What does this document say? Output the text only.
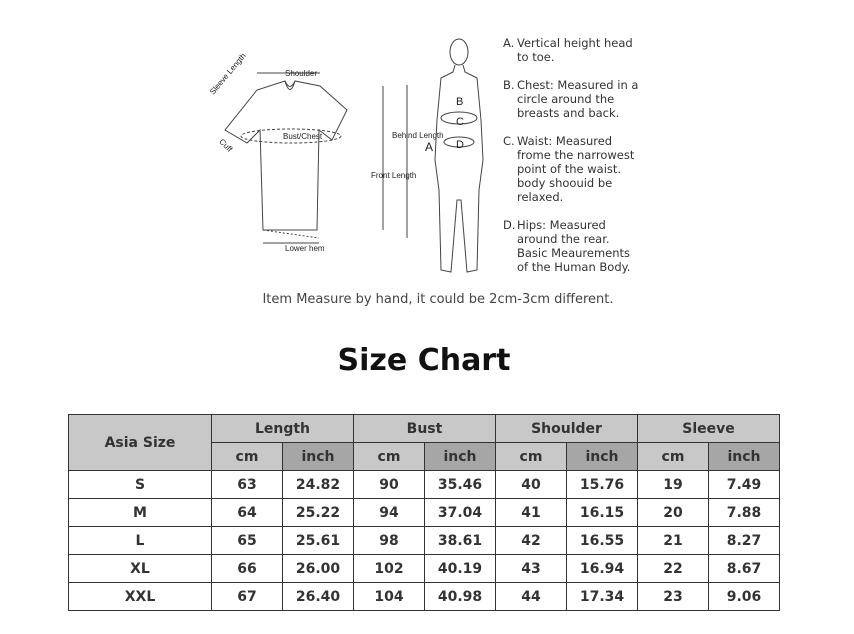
Shoulder
Sleeve Length
Cuff
Bust/Chest
Front Length
Behind Length
Lower hem
A
B
C
D
A. Vertical height head to toe.
B. Chest: Measured in a circle around the breasts and back.
C. Waist: Measured frome the narrowest point of the waist. body shoouid be relaxed.
D. Hips: Measured around the rear. Basic Meaurements of the Human Body.
Item Measure by hand, it could be 2cm-3cm different.
Size Chart
Asia Size	Length		Bust		Shoulder		Sleeve	
	cm	inch	cm	inch	cm	inch	cm	inch
S	63	24.82	90	35.46	40	15.76	19	7.49
M	64	25.22	94	37.04	41	16.15	20	7.88
L	65	25.61	98	38.61	42	16.55	21	8.27
XL	66	26.00	102	40.19	43	16.94	22	8.67
XXL	67	26.40	104	40.98	44	17.34	23	9.06
